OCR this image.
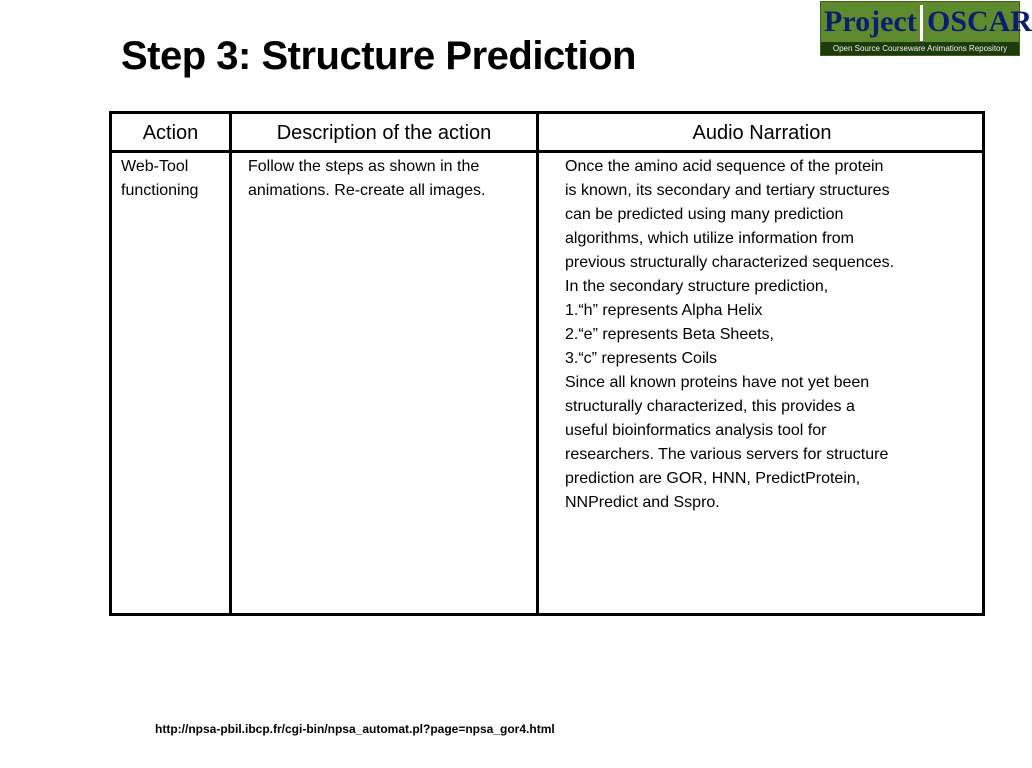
Step 3: Structure Prediction
Project OSCAR
Open Source Courseware Animations Repository
Action	Description of the action	Audio Narration

Web-Tool

functioning

Follow the steps as shown in the

animations. Re-create all images.

Once the amino acid sequence of the protein

is known, its secondary and tertiary structures

can be predicted using many prediction

algorithms, which utilize information from

previous structurally characterized sequences.

In the secondary structure prediction,

1.“h” represents Alpha Helix

2.“e” represents Beta Sheets,

3.“c” represents Coils

Since all known proteins have not yet been

structurally characterized, this provides a

useful bioinformatics analysis tool for

researchers. The various servers for structure

prediction are GOR, HNN, PredictProtein,

NNPredict and Sspro.

http://npsa-pbil.ibcp.fr/cgi-bin/npsa_automat.pl?page=npsa_gor4.html
